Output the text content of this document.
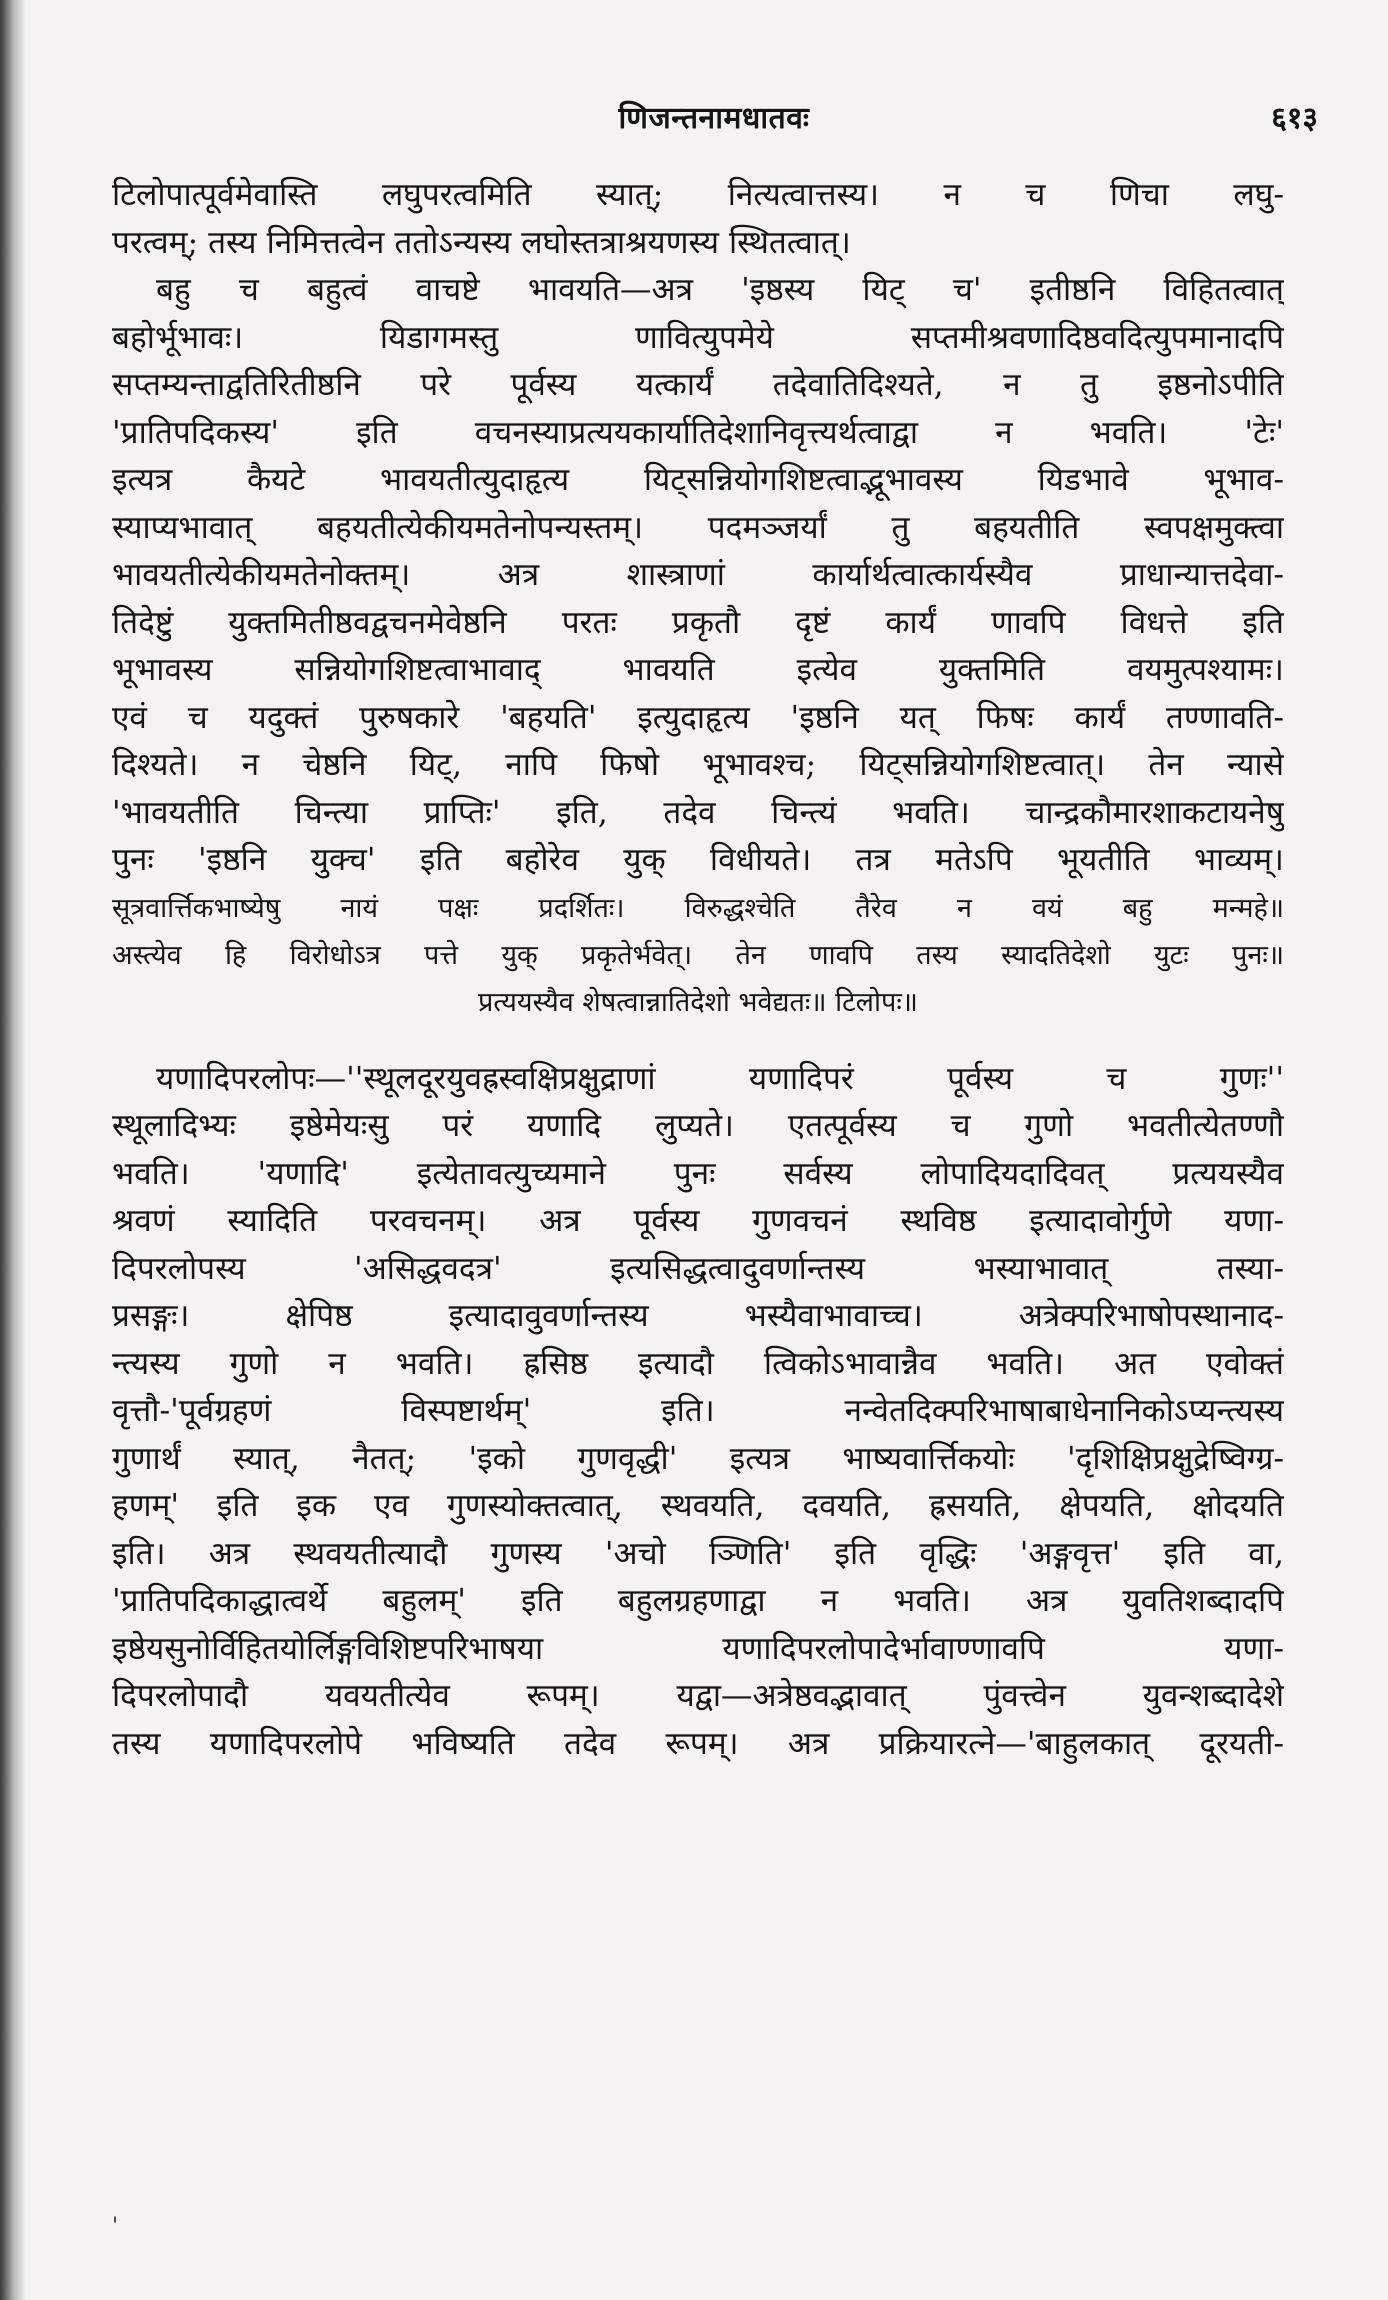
णिजन्तनामधातवः	६१३
टिलोपात्पूर्वमेवास्ति लघुपरत्वमिति स्यात्; नित्यत्वात्तस्य। न च णिचा लघु-
परत्वम्; तस्य निमित्तत्वेन ततोऽन्यस्य लघोस्तत्राश्रयणस्य स्थितत्वात्।
बहु च बहुत्वं वाचष्टे भावयति—अत्र 'इष्ठस्य यिट् च' इतीष्ठनि विहितत्वात्
बहोर्भूभावः। यिडागमस्तु णावित्युपमेये सप्तमीश्रवणादिष्ठवदित्युपमानादपि
सप्तम्यन्ताद्वतिरितीष्ठनि परे पूर्वस्य यत्कार्यं तदेवातिदिश्यते, न तु इष्ठनोऽपीति
'प्रातिपदिकस्य' इति वचनस्याप्रत्ययकार्यातिदेशानिवृत्त्यर्थत्वाद्वा न भवति। 'टेः'
इत्यत्र कैयटे भावयतीत्युदाहृत्य यिट्सन्नियोगशिष्टत्वाद्भूभावस्य यिडभावे भूभाव-
स्याप्यभावात् बहयतीत्येकीयमतेनोपन्यस्तम्। पदमञ्जर्यां तु बहयतीति स्वपक्षमुक्त्वा
भावयतीत्येकीयमतेनोक्तम्। अत्र शास्त्राणां कार्यार्थत्वात्कार्यस्यैव प्राधान्यात्तदेवा-
तिदेष्टुं युक्तमितीष्ठवद्वचनमेवेष्ठनि परतः प्रकृतौ दृष्टं कार्यं णावपि विधत्ते इति
भूभावस्य सन्नियोगशिष्टत्वाभावाद् भावयति इत्येव युक्तमिति वयमुत्पश्यामः।
एवं च यदुक्तं पुरुषकारे 'बहयति' इत्युदाहृत्य 'इष्ठनि यत् फिषः कार्यं तण्णावति-
दिश्यते। न चेष्ठनि यिट्, नापि फिषो भूभावश्च; यिट्सन्नियोगशिष्टत्वात्। तेन न्यासे
'भावयतीति चिन्त्या प्राप्तिः' इति, तदेव चिन्त्यं भवति। चान्द्रकौमारशाकटायनेषु
पुनः 'इष्ठनि युक्च' इति बहोरेव युक् विधीयते। तत्र मतेऽपि भूयतीति भाव्यम्।
सूत्रवार्त्तिकभाष्येषु नायं पक्षः प्रदर्शितः। विरुद्धश्चेति तैरेव न वयं बहु मन्महे॥
अस्त्येव हि विरोधोऽत्र पत्ते युक् प्रकृतेर्भवेत्। तेन णावपि तस्य स्यादतिदेशो युटः पुनः॥
प्रत्ययस्यैव शेषत्वान्नातिदेशो भवेद्यतः॥ टिलोपः॥
यणादिपरलोपः—''स्थूलदूरयुवह्रस्वक्षिप्रक्षुद्राणां यणादिपरं पूर्वस्य च गुणः''
स्थूलादिभ्यः इष्ठेमेयःसु परं यणादि लुप्यते। एतत्पूर्वस्य च गुणो भवतीत्येतण्णौ
भवति। 'यणादि' इत्येतावत्युच्यमाने पुनः सर्वस्य लोपादियदादिवत् प्रत्ययस्यैव
श्रवणं स्यादिति परवचनम्। अत्र पूर्वस्य गुणवचनं स्थविष्ठ इत्यादावोर्गुणे यणा-
दिपरलोपस्य 'असिद्धवदत्र' इत्यसिद्धत्वादुवर्णान्तस्य भस्याभावात् तस्या-
प्रसङ्गः। क्षेपिष्ठ इत्यादावुवर्णान्तस्य भस्यैवाभावाच्च। अत्रेक्परिभाषोपस्थानाद-
न्त्यस्य गुणो न भवति। ह्रसिष्ठ इत्यादौ त्विकोऽभावान्नैव भवति। अत एवोक्तं
वृत्तौ-'पूर्वग्रहणं विस्पष्टार्थम्' इति। नन्वेतदिक्परिभाषाबाधेनानिकोऽप्यन्त्यस्य
गुणार्थं स्यात्, नैतत्; 'इको गुणवृद्धी' इत्यत्र भाष्यवार्त्तिकयोः 'दृशिक्षिप्रक्षुद्रेष्विग्ग्र-
हणम्' इति इक एव गुणस्योक्तत्वात्, स्थवयति, दवयति, ह्रसयति, क्षेपयति, क्षोदयति
इति। अत्र स्थवयतीत्यादौ गुणस्य 'अचो ञ्णिति' इति वृद्धिः 'अङ्गवृत्त' इति वा,
'प्रातिपदिकाद्धात्वर्थे बहुलम्' इति बहुलग्रहणाद्वा न भवति। अत्र युवतिशब्दादपि
इष्ठेयसुनोर्विहितयोर्लिङ्गविशिष्टपरिभाषया यणादिपरलोपादेर्भावाण्णावपि यणा-
दिपरलोपादौ यवयतीत्येव रूपम्। यद्वा—अत्रेष्ठवद्भावात् पुंवत्त्वेन युवन्शब्दादेशे
तस्य यणादिपरलोपे भविष्यति तदेव रूपम्। अत्र प्रक्रियारत्ने—'बाहुलकात् दूरयती-
'
